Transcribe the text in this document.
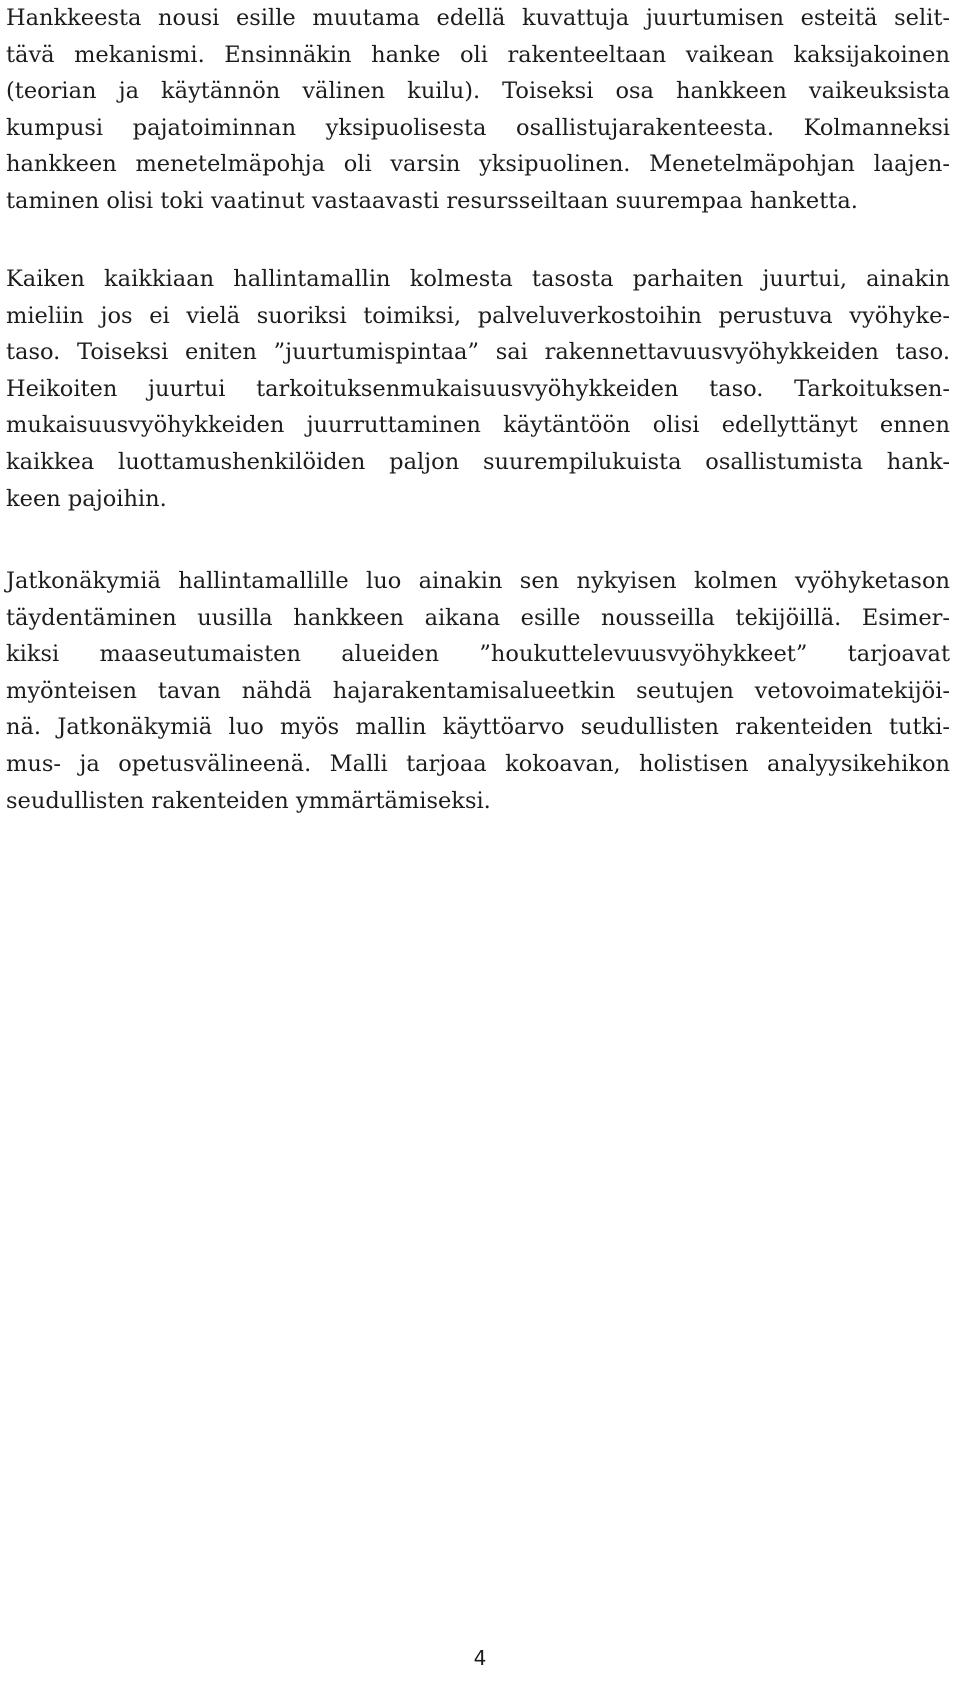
Hankkeesta nousi esille muutama edellä kuvattuja juurtumisen esteitä selit-
tävä mekanismi. Ensinnäkin hanke oli rakenteeltaan vaikean kaksijakoinen
(teorian ja käytännön välinen kuilu). Toiseksi osa hankkeen vaikeuksista
kumpusi pajatoiminnan yksipuolisesta osallistujarakenteesta. Kolmanneksi
hankkeen menetelmäpohja oli varsin yksipuolinen. Menetelmäpohjan laajen-
taminen olisi toki vaatinut vastaavasti resursseiltaan suurempaa hanketta.

Kaiken kaikkiaan hallintamallin kolmesta tasosta parhaiten juurtui, ainakin
mieliin jos ei vielä suoriksi toimiksi, palveluverkostoihin perustuva vyöhyke-
taso. Toiseksi eniten ”juurtumispintaa” sai rakennettavuusvyöhykkeiden taso.
Heikoiten juurtui tarkoituksenmukaisuusvyöhykkeiden taso. Tarkoituksen-
mukaisuusvyöhykkeiden juurruttaminen käytäntöön olisi edellyttänyt ennen
kaikkea luottamushenkilöiden paljon suurempilukuista osallistumista hank-
keen pajoihin.

Jatkonäkymiä hallintamallille luo ainakin sen nykyisen kolmen vyöhyketason
täydentäminen uusilla hankkeen aikana esille nousseilla tekijöillä. Esimer-
kiksi maaseutumaisten alueiden ”houkuttelevuusvyöhykkeet” tarjoavat
myönteisen tavan nähdä hajarakentamisalueetkin seutujen vetovoimatekijöi-
nä. Jatkonäkymiä luo myös mallin käyttöarvo seudullisten rakenteiden tutki-
mus- ja opetusvälineenä. Malli tarjoaa kokoavan, holistisen analyysikehikon
seudullisten rakenteiden ymmärtämiseksi.

4
